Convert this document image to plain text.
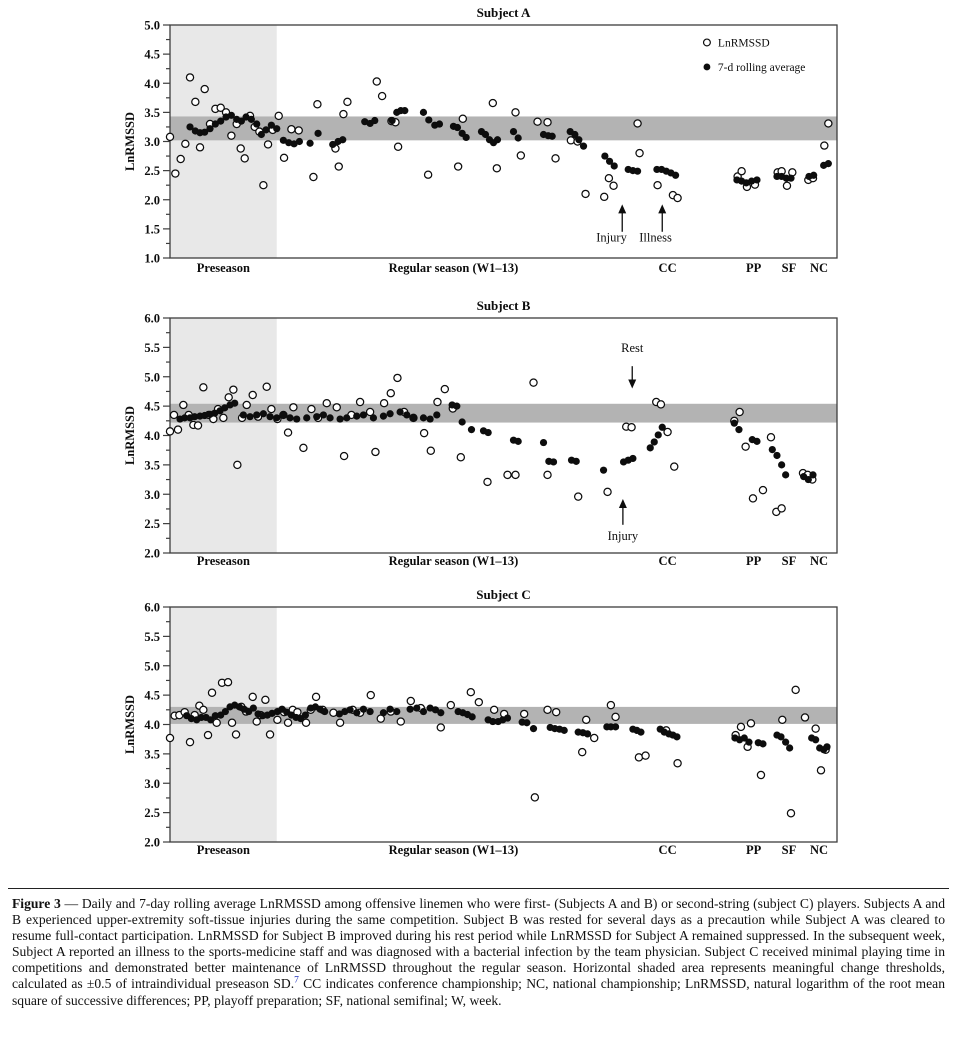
5.0
4.5
4.0
3.5
3.0
2.5
2.0
1.5
1.0
Subject A
LnRMSSD
Preseason	Regular season (W1–13)	CC	PP SF NC
Injury Illness
LnRMSSD
7-d rolling average
6.0
5.5
5.0
4.5
4.0
3.5
3.0
2.5
2.0
Subject B
LnRMSSD
Preseason	Regular season (W1–13)	CC	PP SF NC
Rest
Injury
6.0
5.5
5.0
4.5
4.0
3.5
3.0
2.5
2.0
Subject C
LnRMSSD
Preseason	Regular season (W1–13)	CC	PP SF NC
Figure 3 — Daily and 7-day rolling average LnRMSSD among offensive linemen who were first- (Subjects A and B) or second-string (subject C) players. Subjects A and B experienced upper-extremity soft-tissue injuries during the same competition. Subject B was rested for several days as a precaution while Subject A was cleared to resume full-contact participation. LnRMSSD for Subject B improved during his rest period while LnRMSSD for Subject A remained suppressed. In the subsequent week, Subject A reported an illness to the sports-medicine staff and was diagnosed with a bacterial infection by the team physician. Subject C received minimal playing time in competitions and demonstrated better maintenance of LnRMSSD throughout the regular season. Horizontal shaded area represents meaningful change thresholds, calculated as ±0.5 of intraindividual preseason SD.$^7$ CC indicates conference championship; NC, national championship; LnRMSSD, natural logarithm of the root mean square of successive differences; PP, playoff preparation; SF, national semifinal; W, week.
